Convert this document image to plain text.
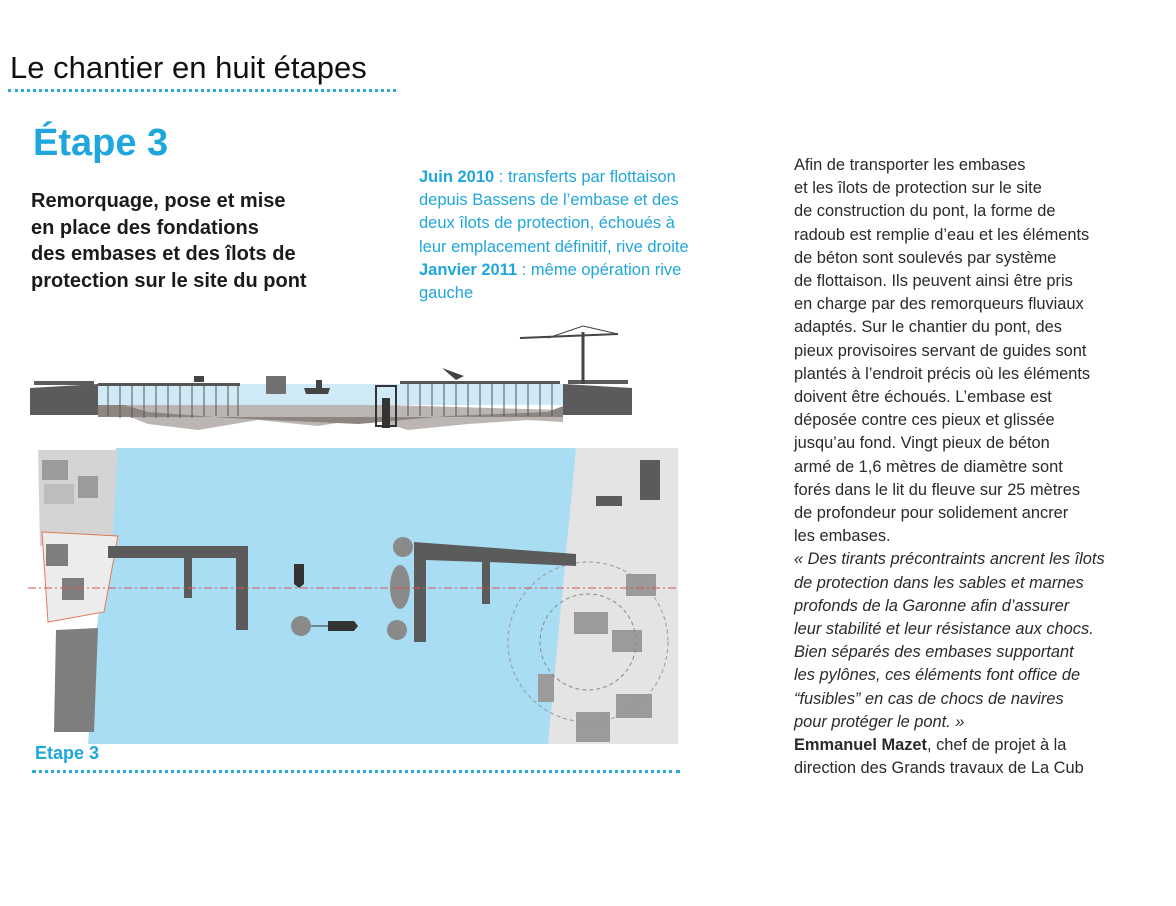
Le chantier en huit étapes
Étape 3
Remorquage, pose et mise
en place des fondations
des embases et des îlots de
protection sur le site du pont
Juin 2010 : transferts par flottaison
depuis Bassens de l’embase et des
deux îlots de protection, échoués à
leur emplacement définitif, rive droite
Janvier 2011 : même opération rive
gauche
Etape 3
Afin de transporter les embases
et les îlots de protection sur le site
de construction du pont, la forme de
radoub est remplie d’eau et les éléments
de béton sont soulevés par système
de flottaison. Ils peuvent ainsi être pris
en charge par des remorqueurs fluviaux
adaptés. Sur le chantier du pont, des
pieux provisoires servant de guides sont
plantés à l’endroit précis où les éléments
doivent être échoués. L’embase est
déposée contre ces pieux et glissée
jusqu’au fond. Vingt pieux de béton
armé de 1,6 mètres de diamètre sont
forés dans le lit du fleuve sur 25 mètres
de profondeur pour solidement ancrer
les embases.
« Des tirants précontraints ancrent les îlots
de protection dans les sables et marnes
profonds de la Garonne afin d’assurer
leur stabilité et leur résistance aux chocs.
Bien séparés des embases supportant
les pylônes, ces éléments font office de
“fusibles” en cas de chocs de navires
pour protéger le pont. »
Emmanuel Mazet, chef de projet à la
direction des Grands travaux de La Cub
